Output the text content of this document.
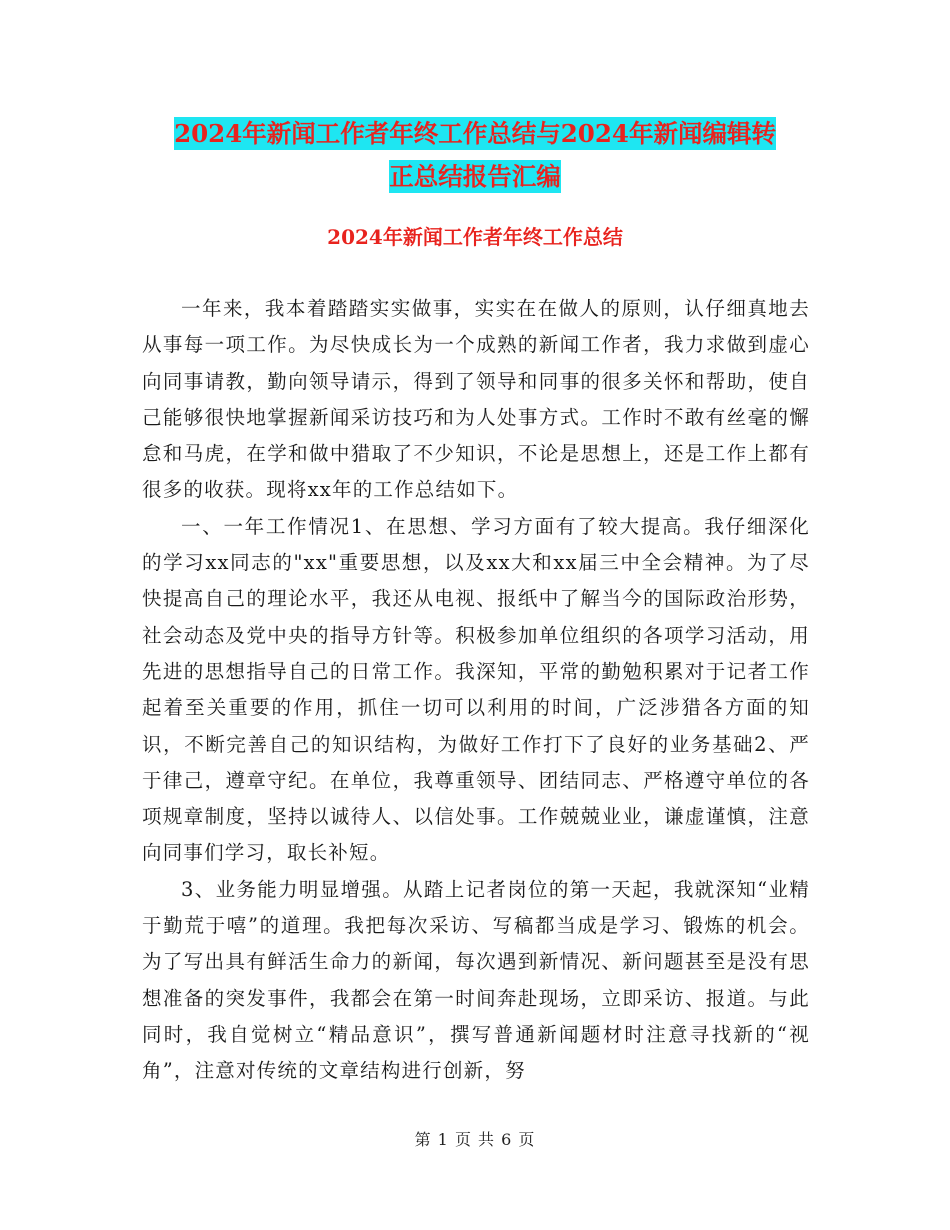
2024年新闻工作者年终工作总结与2024年新闻编辑转
正总结报告汇编
2024年新闻工作者年终工作总结

一年来，我本着踏踏实实做事，实实在在做人的原则，认仔细真地去从事每一项工作。为尽快成长为一个成熟的新闻工作者，我力求做到虚心向同事请教，勤向领导请示，得到了领导和同事的很多关怀和帮助，使自己能够很快地掌握新闻采访技巧和为人处事方式。工作时不敢有丝毫的懈怠和马虎，在学和做中猎取了不少知识，不论是思想上，还是工作上都有很多的收获。现将xx年的工作总结如下。

一、一年工作情况1、在思想、学习方面有了较大提高。我仔细深化的学习xx同志的"xx"重要思想，以及xx大和xx届三中全会精神。为了尽快提高自己的理论水平，我还从电视、报纸中了解当今的国际政治形势，社会动态及党中央的指导方针等。积极参加单位组织的各项学习活动，用先进的思想指导自己的日常工作。我深知，平常的勤勉积累对于记者工作起着至关重要的作用，抓住一切可以利用的时间，广泛涉猎各方面的知识，不断完善自己的知识结构，为做好工作打下了良好的业务基础2、严于律己，遵章守纪。在单位，我尊重领导、团结同志、严格遵守单位的各项规章制度，坚持以诚待人、以信处事。工作兢兢业业，谦虚谨慎，注意向同事们学习，取长补短。

3、业务能力明显增强。从踏上记者岗位的第一天起，我就深知“业精于勤荒于嘻”的道理。我把每次采访、写稿都当成是学习、锻炼的机会。为了写出具有鲜活生命力的新闻，每次遇到新情况、新问题甚至是没有思想准备的突发事件，我都会在第一时间奔赴现场，立即采访、报道。与此同时，我自觉树立“精品意识”，撰写普通新闻题材时注意寻找新的“视角”，注意对传统的文章结构进行创新，努

第 1 页 共 6 页
